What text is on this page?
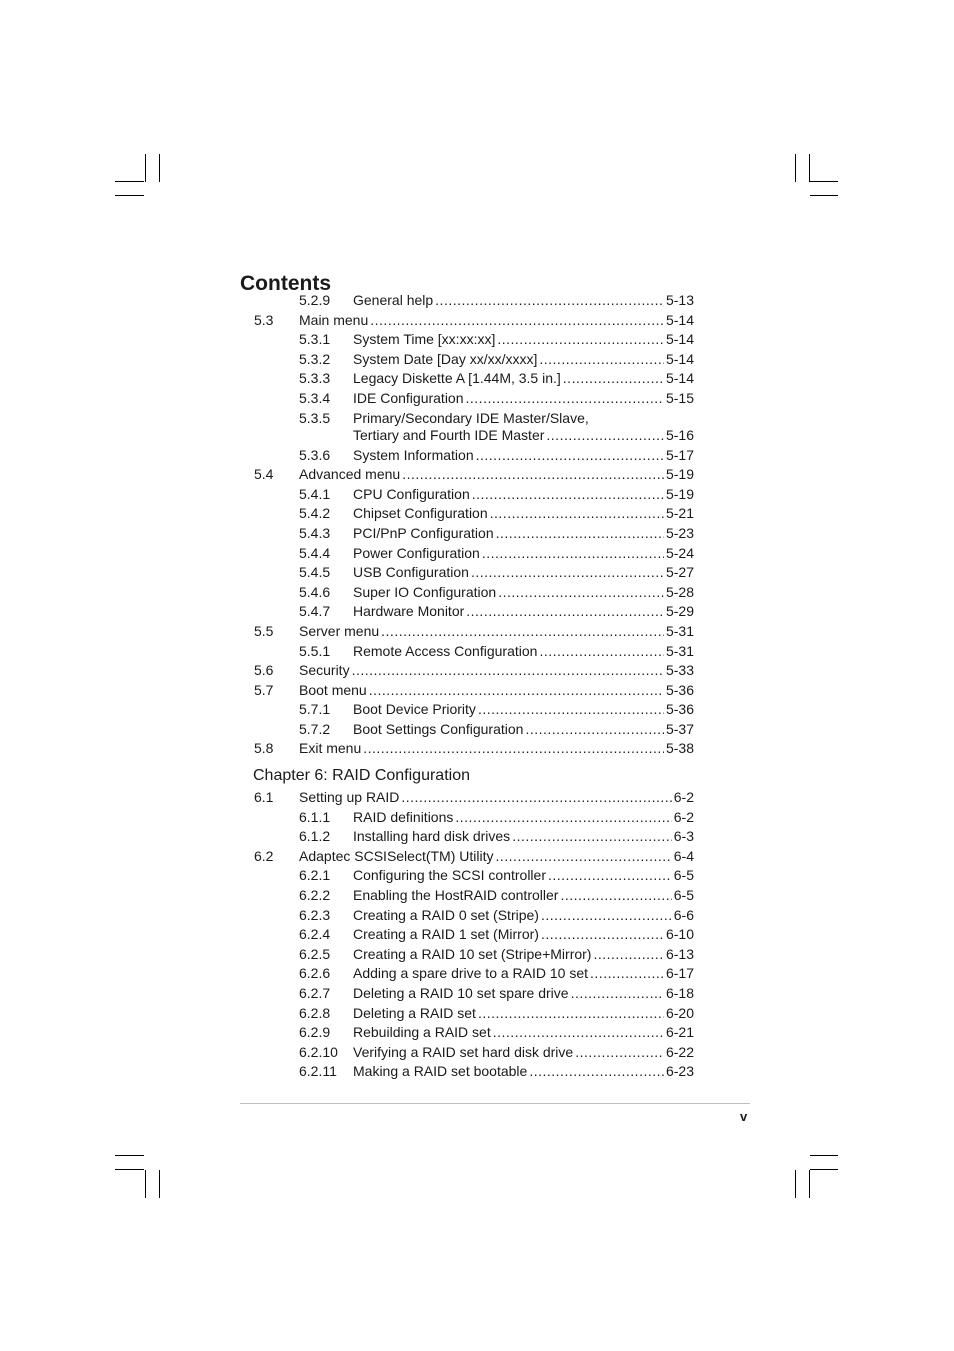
Contents
5.2.9 General help .....	5-13
5.3 Main menu .....	5-14
5.3.1 System Time [xx:xx:xx] .....	5-14
5.3.2 System Date [Day xx/xx/xxxx] .....	5-14
5.3.3 Legacy Diskette A [1.44M, 3.5 in.] .....	5-14
5.3.4 IDE Configuration .....	5-15
5.3.5 Primary/Secondary IDE Master/Slave,
Tertiary and Fourth IDE Master .....	5-16
5.3.6 System Information .....	5-17
5.4 Advanced menu .....	5-19
5.4.1 CPU Configuration .....	5-19
5.4.2 Chipset Configuration .....	5-21
5.4.3 PCI/PnP Configuration .....	5-23
5.4.4 Power Configuration .....	5-24
5.4.5 USB Configuration .....	5-27
5.4.6 Super IO Configuration .....	5-28
5.4.7 Hardware Monitor .....	5-29
5.5 Server menu .....	5-31
5.5.1 Remote Access Configuration .....	5-31
5.6 Security .....	5-33
5.7 Boot menu .....	5-36
5.7.1 Boot Device Priority .....	5-36
5.7.2 Boot Settings Configuration .....	5-37
5.8 Exit menu .....	5-38
Chapter 6: RAID Configuration
6.1 Setting up RAID .....	6-2
6.1.1 RAID definitions .....	6-2
6.1.2 Installing hard disk drives .....	6-3
6.2 Adaptec SCSISelect(TM) Utility .....	6-4
6.2.1 Configuring the SCSI controller .....	6-5
6.2.2 Enabling the HostRAID controller .....	6-5
6.2.3 Creating a RAID 0 set (Stripe) .....	6-6
6.2.4 Creating a RAID 1 set (Mirror) .....	6-10
6.2.5 Creating a RAID 10 set (Stripe+Mirror) .....	6-13
6.2.6 Adding a spare drive to a RAID 10 set .....	6-17
6.2.7 Deleting a RAID 10 set spare drive .....	6-18
6.2.8 Deleting a RAID set .....	6-20
6.2.9 Rebuilding a RAID set .....	6-21
6.2.10 Verifying a RAID set hard disk drive .....	6-22
6.2.11 Making a RAID set bootable .....	6-23
v
